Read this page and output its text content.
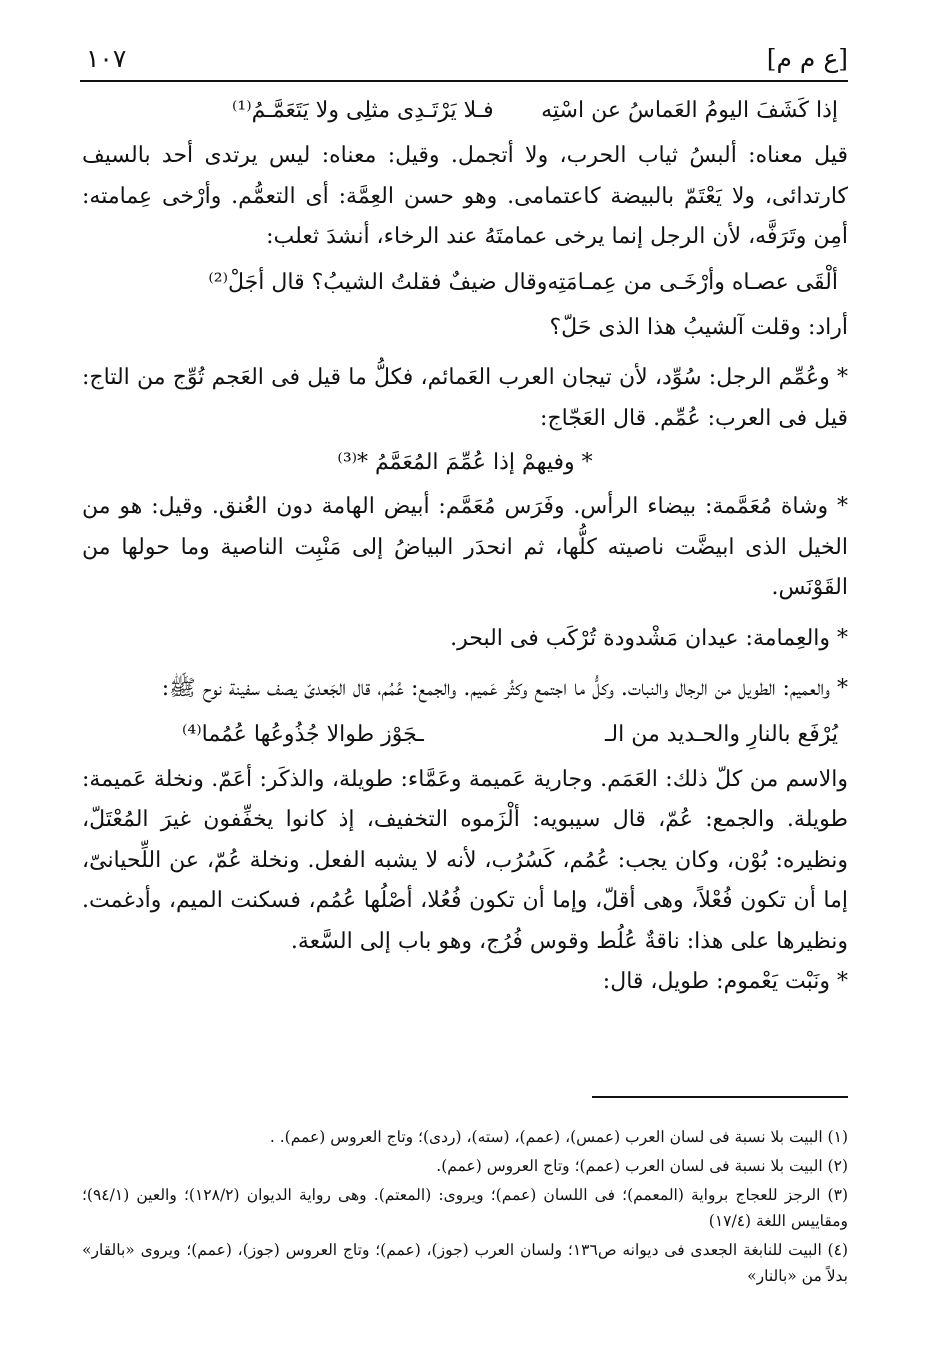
١٠٧	[ع م م]
إذا كَشَفَ اليومُ العَماسُ عن اسْتِه
فـلا يَرْتَـدِى مثلِى ولا يَتَعَمَّـمُ⁽¹⁾

قيل معناه: ألبسُ ثياب الحرب، ولا أتجمل. وقيل: معناه: ليس يرتدى أحد بالسيف كارتدائى، ولا يَعْتَمّ بالبيضة كاعتمامى. وهو حسن العِمَّة: أى التعمُّم. وأرْخى عِمامته: أمِن وتَرَفَّه، لأن الرجل إنما يرخى عمامتَهُ عند الرخاء، أنشدَ ثعلب:

ألْقَى عصـاه وأرْخَـى من عِمـامَتِه
وقال ضيفٌ فقلتُ الشيبُ؟ قال أجَلْ⁽²⁾

أراد: وقلت آلشيبُ هذا الذى حَلّ؟

* وعُمِّم الرجل: سُوِّد، لأن تيجان العرب العَمائم، فكلُّ ما قيل فى العَجم تُوِّج من التاج: قيل فى العرب: عُمِّم. قال العَجّاج:

* وفيهمْ إذا عُمِّمَ المُعَمَّمُ *⁽³⁾

* وشاة مُعَمَّمة: بيضاء الرأس. وفَرَس مُعَمَّم: أبيض الهامة دون العُنق. وقيل: هو من الخيل الذى ابيضَّت ناصيته كلُّها، ثم انحدَر البياضُ إلى مَنْبِت الناصية وما حولها من القَوْنَس.

* والعِمامة: عيدان مَشْدودة تُرْكَب فى البحر.

* والعميم: الطويل من الرجال والنبات. وكلُّ ما اجتمع وكثُر عَميم. والجمع: عُمُم، قال الجَعدىّ يصف سفينة نوح ﷺ:

يُرْفَع بالنارِ والحـديد من الـ
ـجَوْز طوالا جُذُوعُها عُمُما⁽⁴⁾

والاسم من كلّ ذلك: العَمَم. وجارية عَميمة وعَمَّاء: طويلة، والذكَر: أعَمّ. ونخلة عَميمة: طويلة. والجمع: عُمّ، قال سيبويه: ألْزَموه التخفيف، إذ كانوا يخفِّفون غيرَ المُعْتَلّ، ونظيره: بُوْن، وكان يجب: عُمُم، كَسُرُب، لأنه لا يشبه الفعل. ونخلة عُمّ، عن اللِّحيانىّ، إما أن تكون فُعْلاً، وهى أقلّ، وإما أن تكون فُعُلا، أصْلُها عُمُم، فسكنت الميم، وأدغمت. ونظيرها على هذا: ناقةٌ عُلُط وقوس فُرُج، وهو باب إلى السَّعة.

* ونَبْت يَعْموم: طويل، قال:

(١) البيت بلا نسبة فى لسان العرب (عمس)، (عمم)، (سته)، (ردى)؛ وتاج العروس (عمم). .

(٢) البيت بلا نسبة فى لسان العرب (عمم)؛ وتاج العروس (عمم).

(٣) الرجز للعجاج برواية (المعمم)؛ فى اللسان (عمم)؛ ويروى: (المعتم). وهى رواية الديوان (١٢٨/٢)؛ والعين (٩٤/١)؛ ومقاييس اللغة (١٧/٤)

(٤) البيت للنابغة الجعدى فى ديوانه ص١٣٦؛ ولسان العرب (جوز)، (عمم)؛ وتاج العروس (جوز)، (عمم)؛ ويروى «بالقار» بدلاً من «بالنار»
